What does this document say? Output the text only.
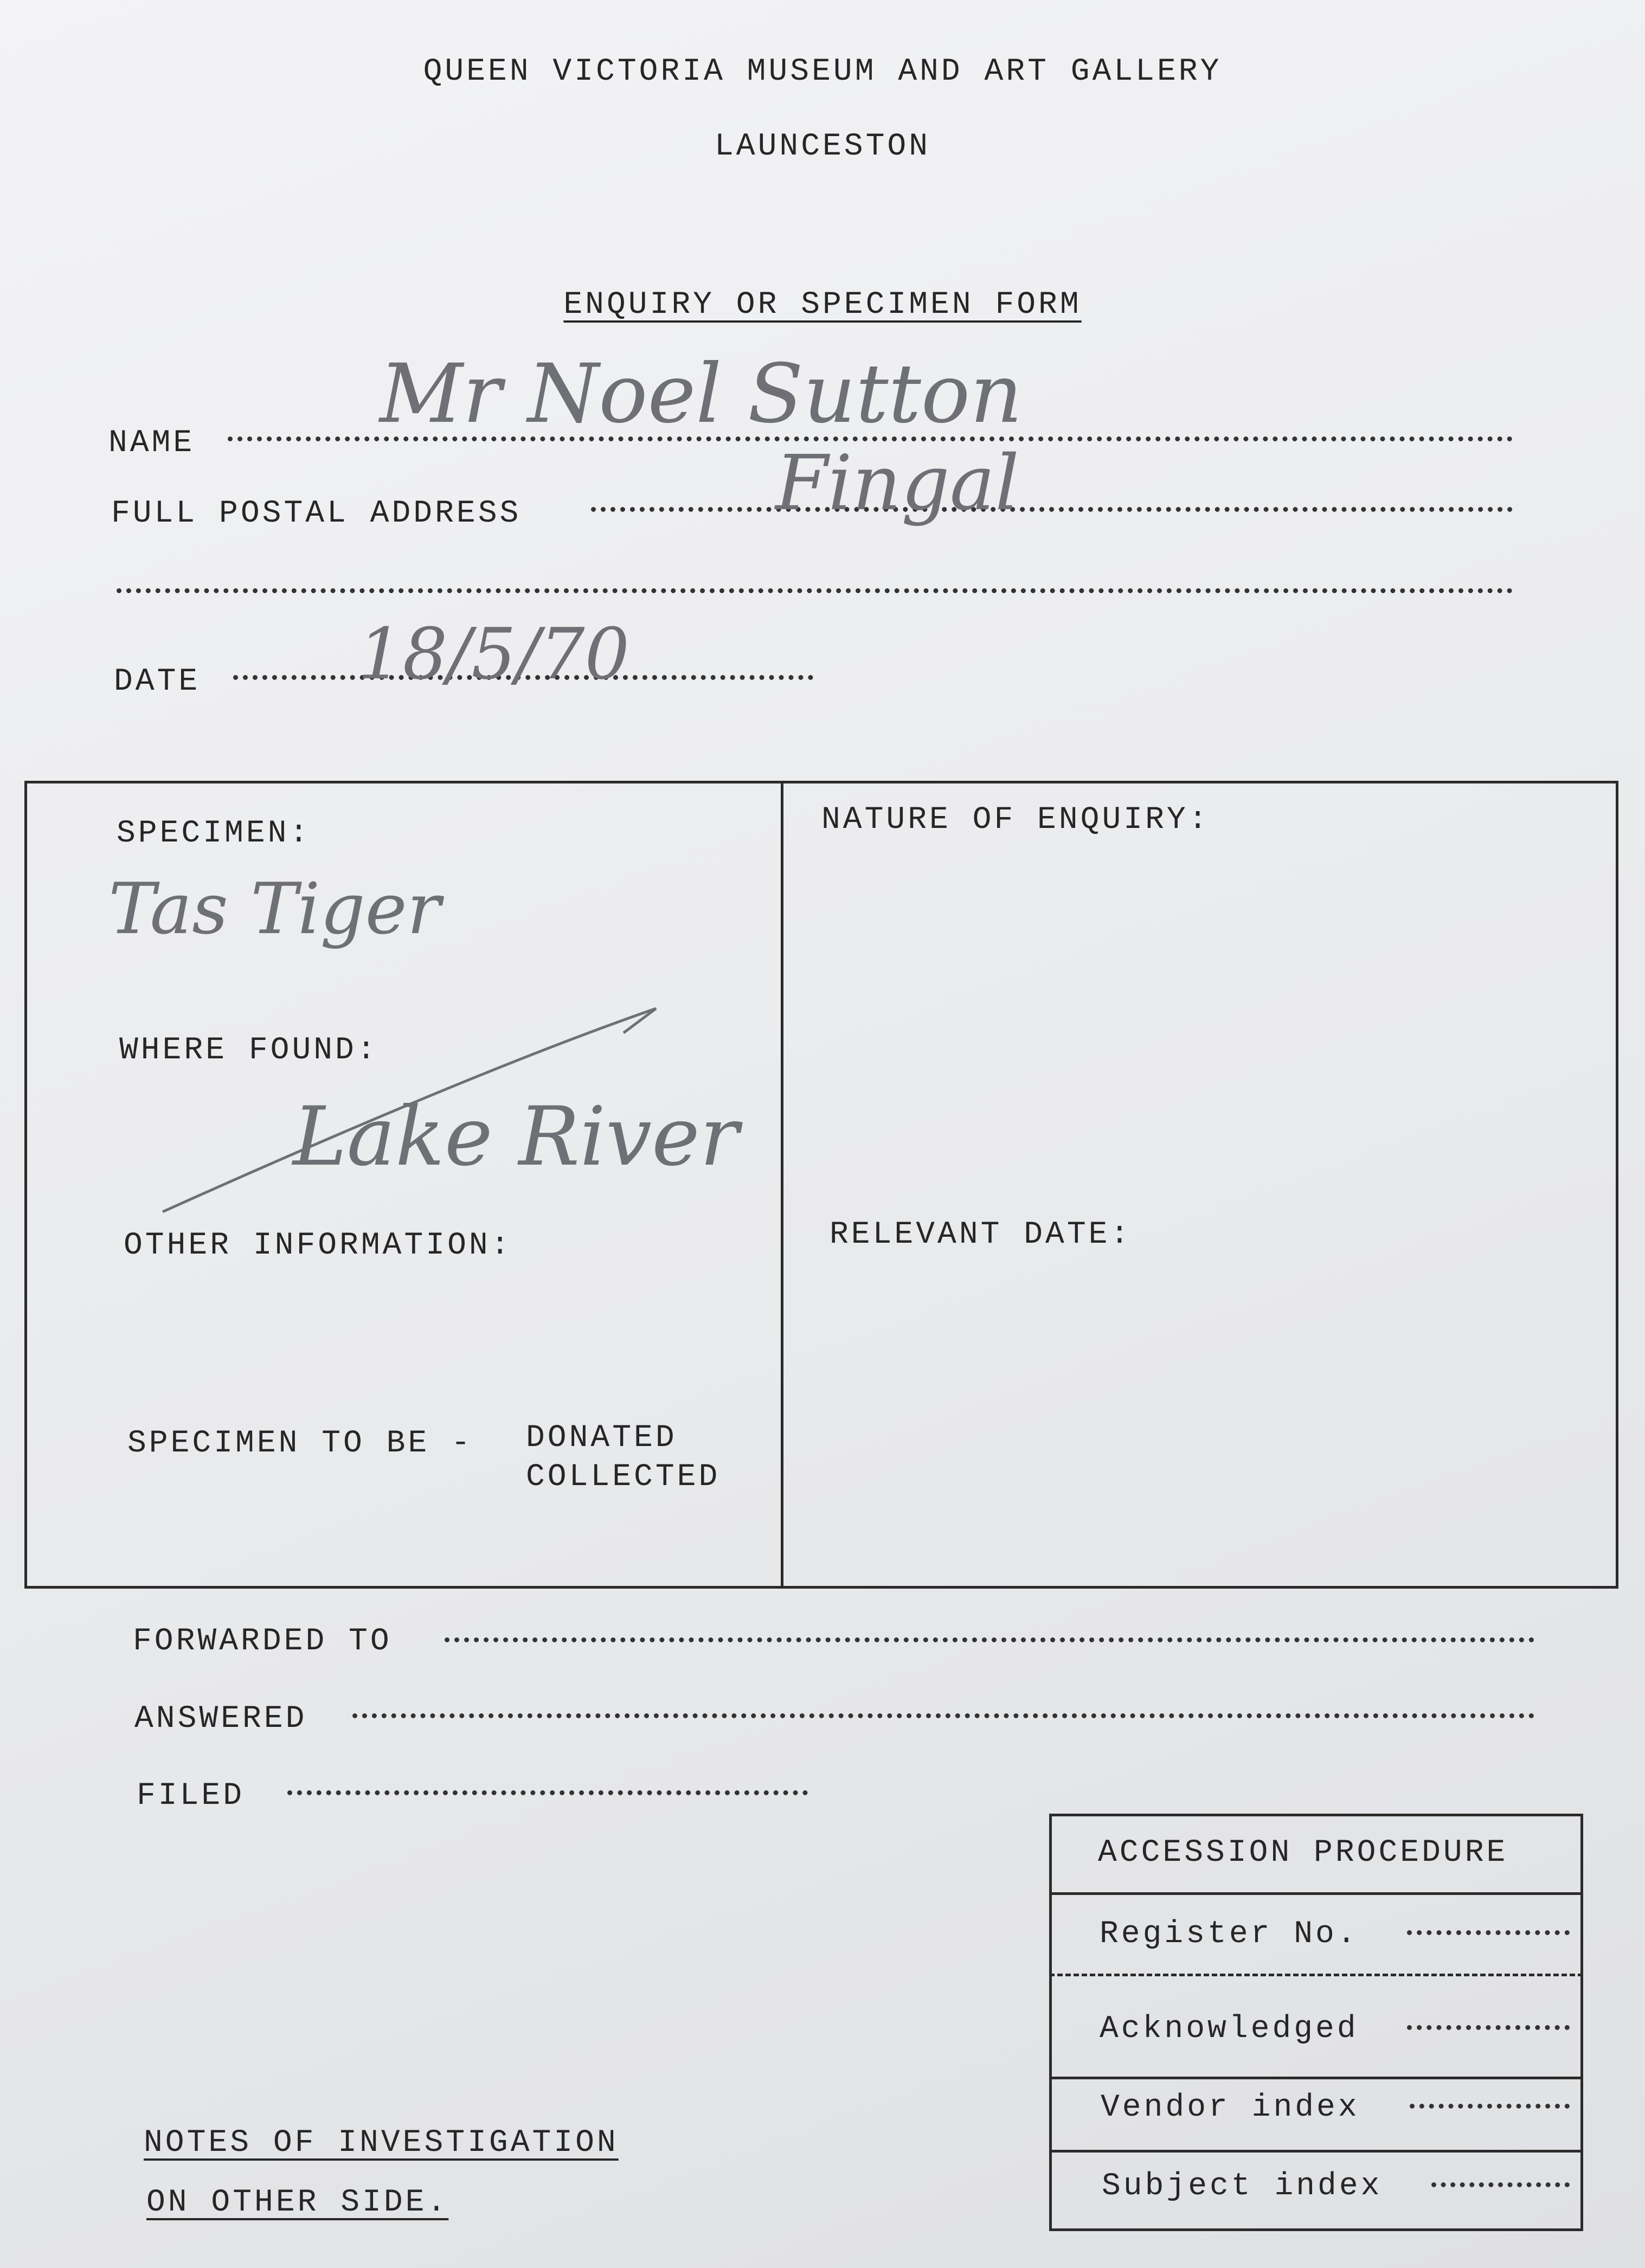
QUEEN VICTORIA MUSEUM AND ART GALLERY
LAUNCESTON
ENQUIRY OR SPECIMEN FORM
NAME
Mr Noel Sutton
FULL POSTAL ADDRESS	Fingal
DATE 18/5/70
SPECIMEN:
Tas Tiger
WHERE FOUND:
Lake River
OTHER INFORMATION:
SPECIMEN TO BE - DONATED
COLLECTED
NATURE OF ENQUIRY:
RELEVANT DATE:
FORWARDED TO
ANSWERED
FILED
NOTES OF INVESTIGATION
ON OTHER SIDE.
ACCESSION PROCEDURE
Register No.
Acknowledged
Vendor index
Subject index
